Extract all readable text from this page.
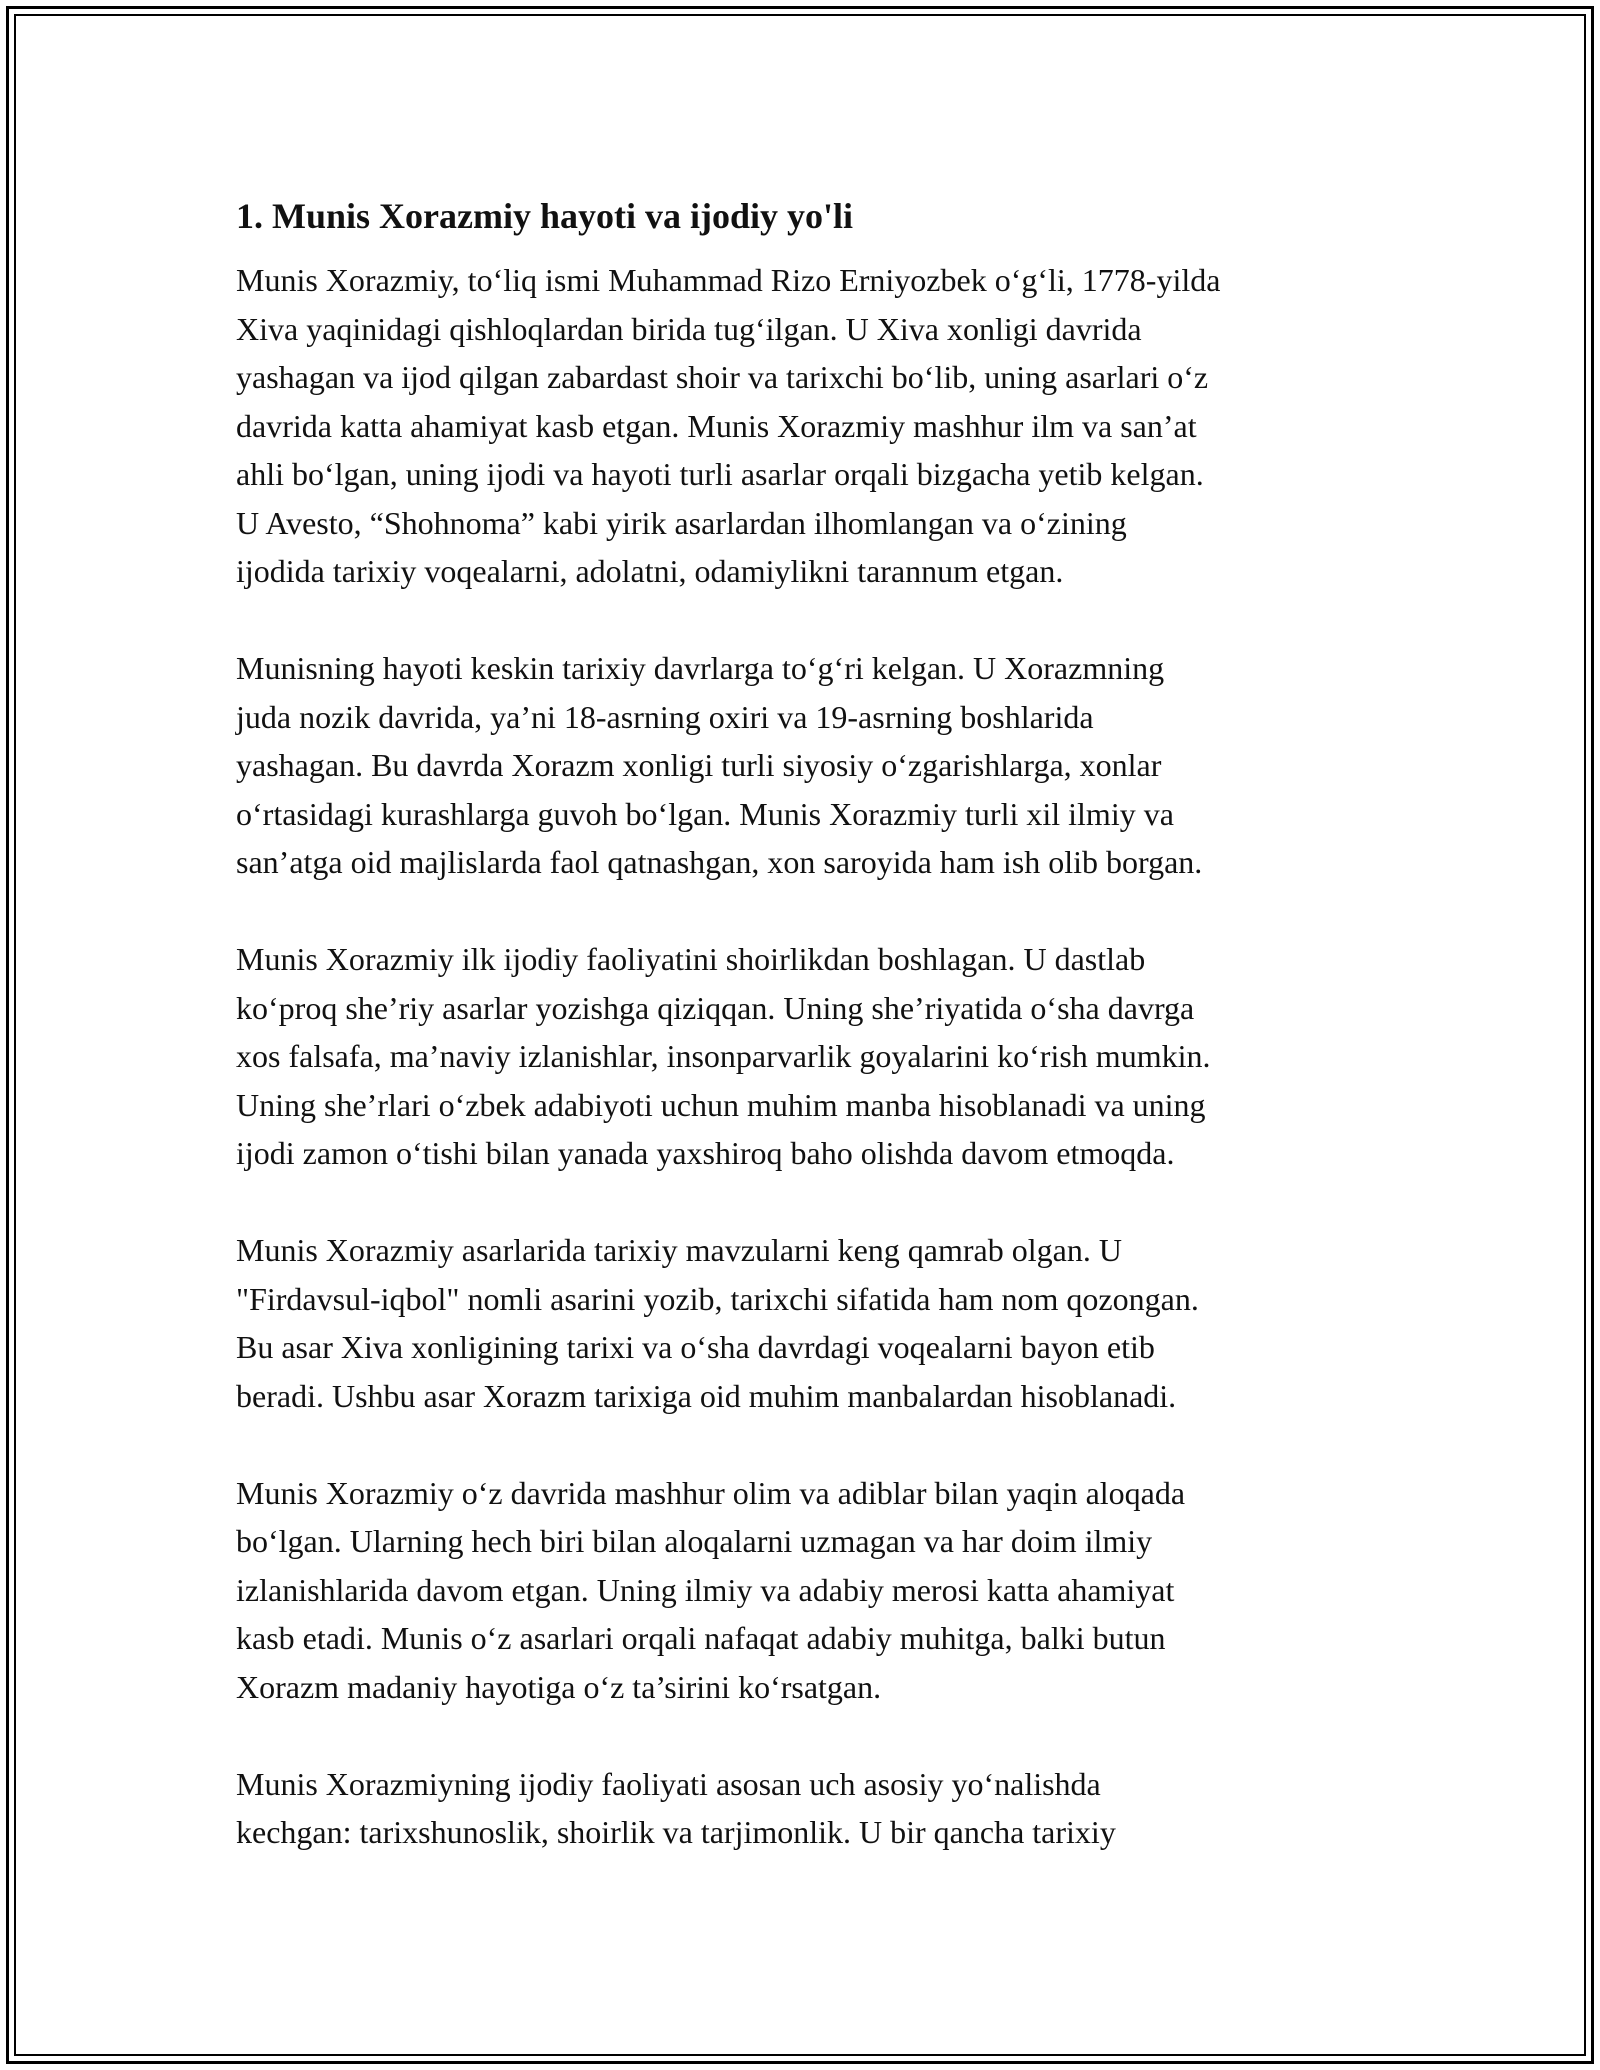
1. Munis Xorazmiy hayoti va ijodiy yo'li

Munis Xorazmiy, to‘liq ismi Muhammad Rizo Erniyozbek o‘g‘li, 1778-yilda
Xiva yaqinidagi qishloqlardan birida tug‘ilgan. U Xiva xonligi davrida
yashagan va ijod qilgan zabardast shoir va tarixchi bo‘lib, uning asarlari o‘z
davrida katta ahamiyat kasb etgan. Munis Xorazmiy mashhur ilm va san’at
ahli bo‘lgan, uning ijodi va hayoti turli asarlar orqali bizgacha yetib kelgan.
U Avesto, “Shohnoma” kabi yirik asarlardan ilhomlangan va o‘zining
ijodida tarixiy voqealarni, adolatni, odamiylikni tarannum etgan.

Munisning hayoti keskin tarixiy davrlarga to‘g‘ri kelgan. U Xorazmning
juda nozik davrida, ya’ni 18-asrning oxiri va 19-asrning boshlarida
yashagan. Bu davrda Xorazm xonligi turli siyosiy o‘zgarishlarga, xonlar
o‘rtasidagi kurashlarga guvoh bo‘lgan. Munis Xorazmiy turli xil ilmiy va
san’atga oid majlislarda faol qatnashgan, xon saroyida ham ish olib borgan.

Munis Xorazmiy ilk ijodiy faoliyatini shoirlikdan boshlagan. U dastlab
ko‘proq she’riy asarlar yozishga qiziqqan. Uning she’riyatida o‘sha davrga
xos falsafa, ma’naviy izlanishlar, insonparvarlik goyalarini ko‘rish mumkin.
Uning she’rlari o‘zbek adabiyoti uchun muhim manba hisoblanadi va uning
ijodi zamon o‘tishi bilan yanada yaxshiroq baho olishda davom etmoqda.

Munis Xorazmiy asarlarida tarixiy mavzularni keng qamrab olgan. U
"Firdavsul-iqbol" nomli asarini yozib, tarixchi sifatida ham nom qozongan.
Bu asar Xiva xonligining tarixi va o‘sha davrdagi voqealarni bayon etib
beradi. Ushbu asar Xorazm tarixiga oid muhim manbalardan hisoblanadi.

Munis Xorazmiy o‘z davrida mashhur olim va adiblar bilan yaqin aloqada
bo‘lgan. Ularning hech biri bilan aloqalarni uzmagan va har doim ilmiy
izlanishlarida davom etgan. Uning ilmiy va adabiy merosi katta ahamiyat
kasb etadi. Munis o‘z asarlari orqali nafaqat adabiy muhitga, balki butun
Xorazm madaniy hayotiga o‘z ta’sirini ko‘rsatgan.

Munis Xorazmiyning ijodiy faoliyati asosan uch asosiy yo‘nalishda
kechgan: tarixshunoslik, shoirlik va tarjimonlik. U bir qancha tarixiy
